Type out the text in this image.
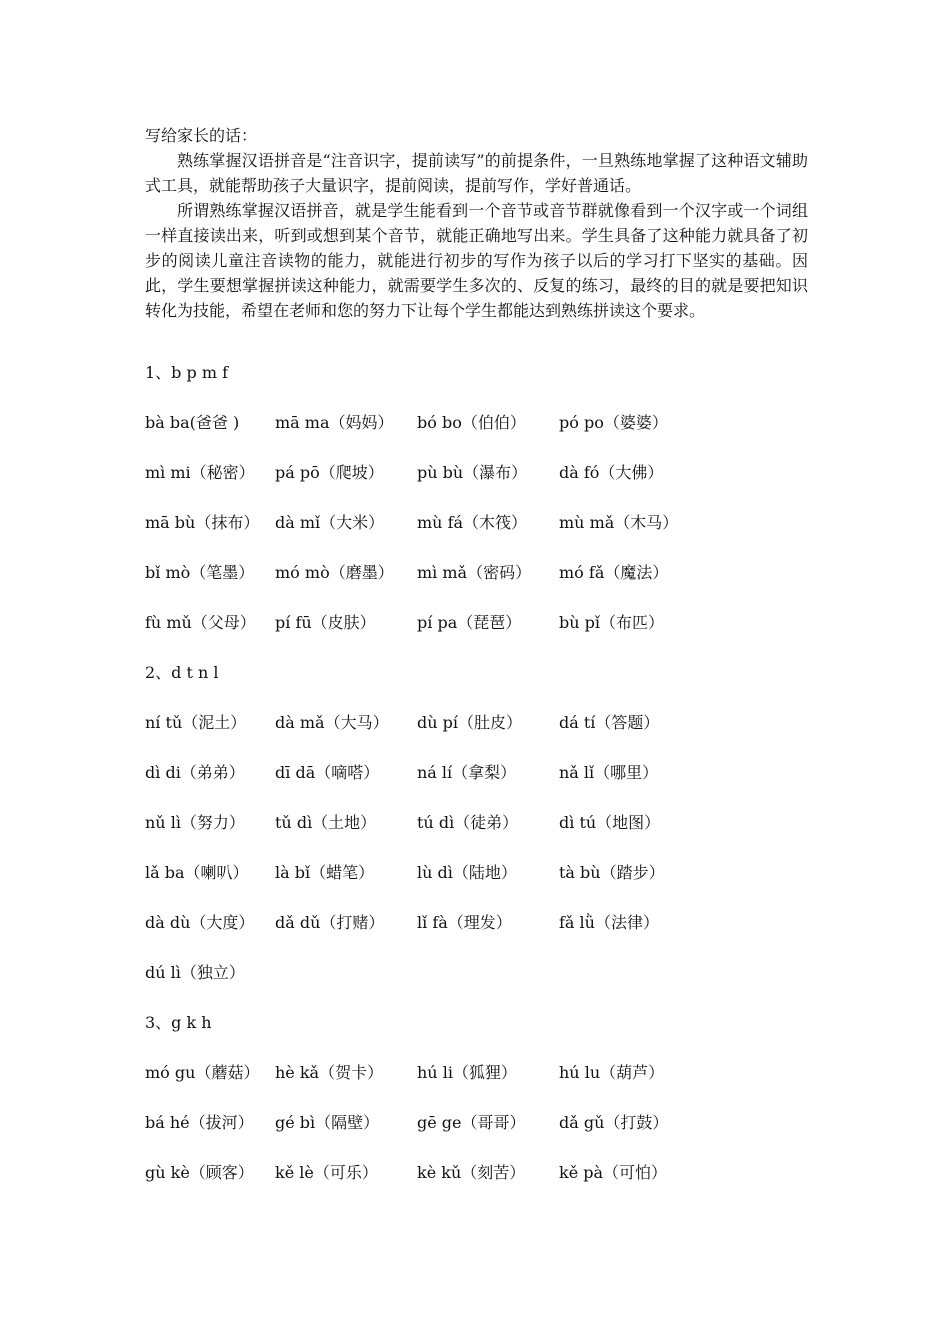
写给家长的话：

熟练掌握汉语拼音是“注音识字，提前读写”的前提条件，一旦熟练地掌握了这种语文辅助式工具，就能帮助孩子大量识字，提前阅读，提前写作，学好普通话。

所谓熟练掌握汉语拼音，就是学生能看到一个音节或音节群就像看到一个汉字或一个词组一样直接读出来，听到或想到某个音节，就能正确地写出来。学生具备了这种能力就具备了初步的阅读儿童注音读物的能力，就能进行初步的写作为孩子以后的学习打下坚实的基础。因此，学生要想掌握拼读这种能力，就需要学生多次的、反复的练习，最终的目的就是要把知识转化为技能，希望在老师和您的努力下让每个学生都能达到熟练拼读这个要求。

1、b p m f
bà ba(爸爸 ) mā ma（妈妈） bó bo（伯伯） pó po（婆婆）
mì mi（秘密） pá pō（爬坡） pù bù（瀑布） dà fó（大佛）
mā bù（抹布） dà mǐ（大米） mù fá（木筏） mù mǎ（木马）
bǐ mò（笔墨） mó mò（磨墨） mì mǎ（密码） mó fǎ（魔法）
fù mǔ（父母） pí fū（皮肤）	pí pa（琵琶） bù pǐ（布匹）
2、d t n l
ní tǔ（泥土） dà mǎ（大马） dù pí（肚皮） dá tí（答题）
dì di（弟弟） dī dā（嘀嗒） ná lí（拿梨）	nǎ lǐ（哪里）
nǔ lì（努力） tǔ dì（土地）	tú dì（徒弟）	dì tú（地图）
lǎ ba（喇叭） là bǐ（蜡笔）	lù dì（陆地）	tà bù（踏步）
dà dù（大度） dǎ dǔ（打赌） lǐ fà（理发）	fǎ lǜ（法律）
dú lì（独立）
3、g k h
mó gu（蘑菇） hè kǎ（贺卡） hú li（狐狸）	hú lu（葫芦）
bá hé（拔河） gé bì（隔壁） gē ge（哥哥） dǎ gǔ（打鼓）
gù kè（顾客） kě lè（可乐） kè kǔ（刻苦） kě pà（可怕）
